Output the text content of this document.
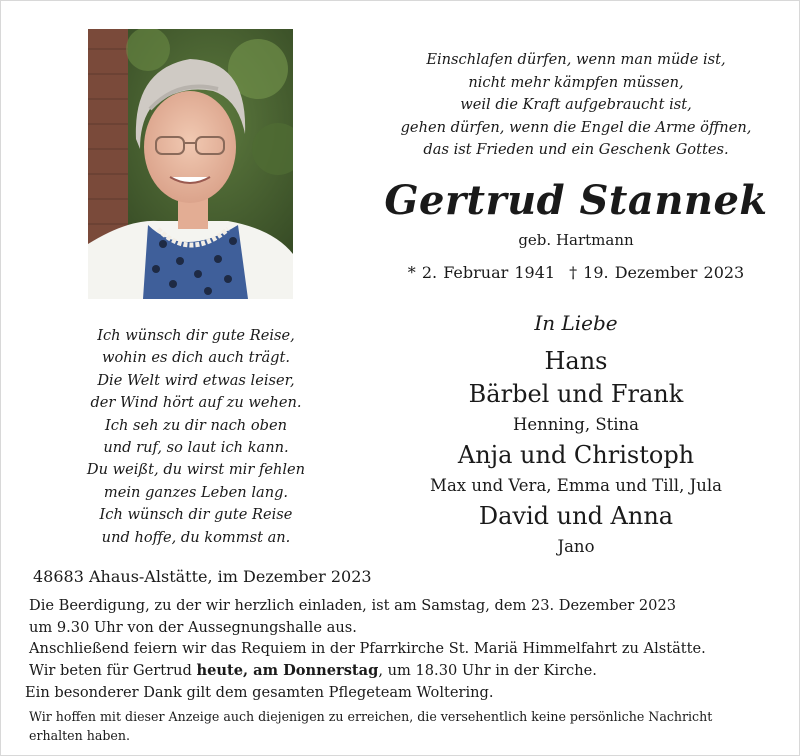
Einschlafen dürfen, wenn man müde ist,
nicht mehr kämpfen müssen,
weil die Kraft aufgebraucht ist,
gehen dürfen, wenn die Engel die Arme öffnen,
das ist Frieden und ein Geschenk Gottes.
Gertrud Stannek
geb. Hartmann
* 2. Februar 1941 † 19. Dezember 2023
In Liebe
Hans
Bärbel und Frank
Henning, Stina
Anja und Christoph
Max und Vera, Emma und Till, Jula
David und Anna
Jano
Ich wünsch dir gute Reise,
wohin es dich auch trägt.
Die Welt wird etwas leiser,
der Wind hört auf zu wehen.
Ich seh zu dir nach oben
und ruf, so laut ich kann.
Du weißt, du wirst mir fehlen
mein ganzes Leben lang.
Ich wünsch dir gute Reise
und hoffe, du kommst an.
48683 Ahaus-Alstätte, im Dezember 2023
Die Beerdigung, zu der wir herzlich einladen, ist am Samstag, dem 23. Dezember 2023
um 9.30 Uhr von der Aussegnungshalle aus.
Anschließend feiern wir das Requiem in der Pfarrkirche St. Mariä Himmelfahrt zu Alstätte.
Wir beten für Gertrud heute, am Donnerstag, um 18.30 Uhr in der Kirche.
Ein besonderer Dank gilt dem gesamten Pflegeteam Woltering.
Wir hoffen mit dieser Anzeige auch diejenigen zu erreichen, die versehentlich keine persönliche Nachricht erhalten haben.
